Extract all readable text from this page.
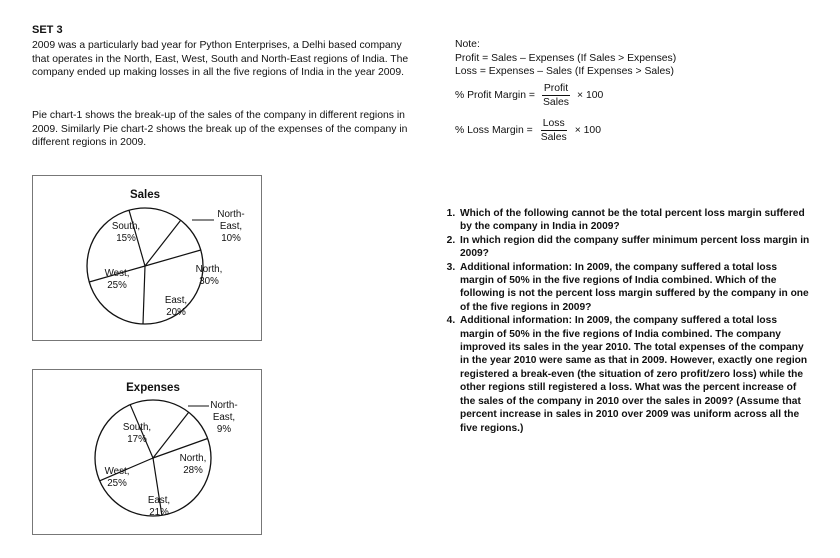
SET 3
2009 was a particularly bad year for Python Enterprises, a Delhi based company that operates in the North, East, West, South and North-East regions of India. The company ended up making losses in all the five regions of India in the year 2009.
Pie chart-1 shows the break-up of the sales of the company in different regions in 2009. Similarly Pie chart-2 shows the break up of the expenses of the company in different regions in 2009.
Note:
Profit = Sales – Expenses (If Sales > Expenses)
Loss = Expenses – Sales (If Expenses > Sales)
% Profit Margin = $\frac{\text{Profit}}{\text{Sales}} \times 100$
% Loss Margin = $\frac{\text{Loss}}{\text{Sales}} \times 100$
Sales
North-East, 10%
North, 30%
East, 20%
West, 25%
South, 15%
Expenses
North-East, 9%
North, 28%
East, 21%
West, 25%
South, 17%
1. Which of the following cannot be the total percent loss margin suffered by the company in India in 2009?
2. In which region did the company suffer minimum percent loss margin in 2009?
3. Additional information: In 2009, the company suffered a total loss margin of 50% in the five regions of India combined. Which of the following is not the percent loss margin suffered by the company in one of the five regions in 2009?
4. Additional information: In 2009, the company suffered a total loss margin of 50% in the five regions of India combined. The company improved its sales in the year 2010. The total expenses of the company in the year 2010 were same as that in 2009. However, exactly one region registered a break-even (the situation of zero profit/zero loss) while the other regions still registered a loss. What was the percent increase of the sales of the company in 2010 over the sales in 2009? (Assume that percent increase in sales in 2010 over 2009 was uniform across all the five regions.)
